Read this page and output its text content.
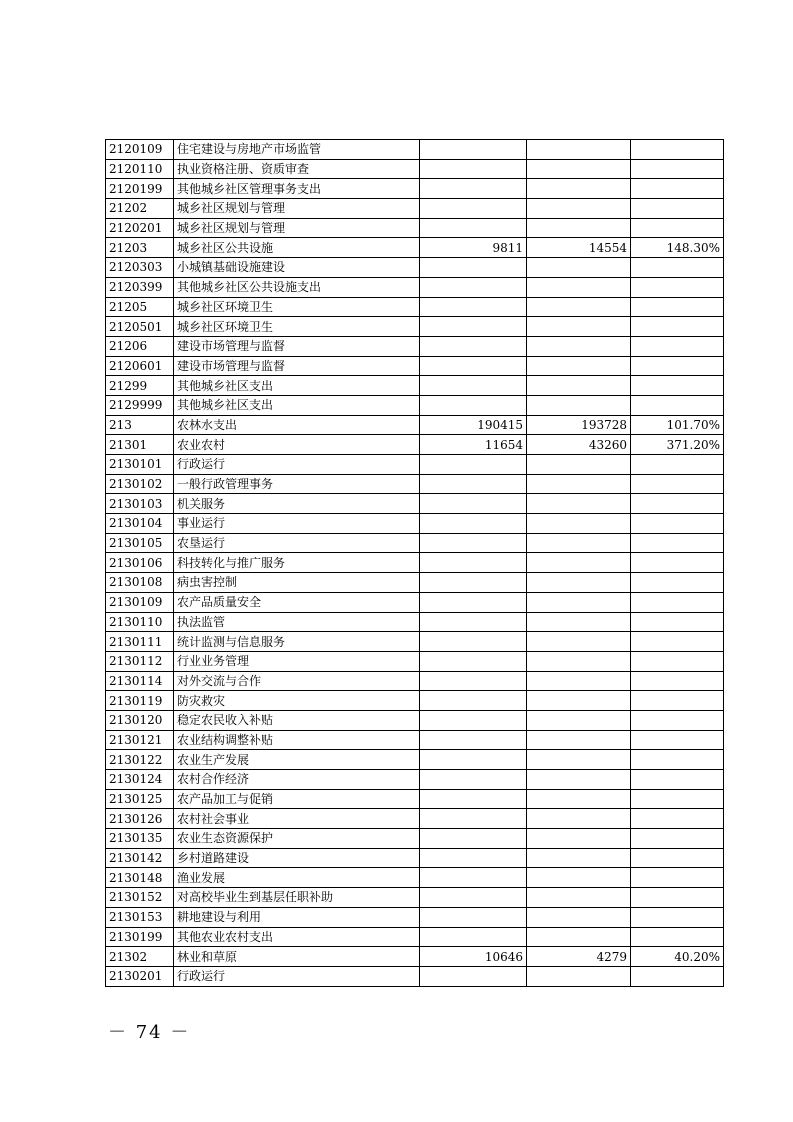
2120109	住宅建设与房地产市场监管			
2120110	执业资格注册、资质审查			
2120199	其他城乡社区管理事务支出			
21202	城乡社区规划与管理			
2120201	城乡社区规划与管理			
21203	城乡社区公共设施	9811	14554	148.30%
2120303	小城镇基础设施建设			
2120399	其他城乡社区公共设施支出			
21205	城乡社区环境卫生			
2120501	城乡社区环境卫生			
21206	建设市场管理与监督			
2120601	建设市场管理与监督			
21299	其他城乡社区支出			
2129999	其他城乡社区支出			
213	农林水支出	190415	193728	101.70%
21301	农业农村	11654	43260	371.20%
2130101	行政运行			
2130102	一般行政管理事务			
2130103	机关服务			
2130104	事业运行			
2130105	农垦运行			
2130106	科技转化与推广服务			
2130108	病虫害控制			
2130109	农产品质量安全			
2130110	执法监管			
2130111	统计监测与信息服务			
2130112	行业业务管理			
2130114	对外交流与合作			
2130119	防灾救灾			
2130120	稳定农民收入补贴			
2130121	农业结构调整补贴			
2130122	农业生产发展			
2130124	农村合作经济			
2130125	农产品加工与促销			
2130126	农村社会事业			
2130135	农业生态资源保护			
2130142	乡村道路建设			
2130148	渔业发展			
2130152	对高校毕业生到基层任职补助			
2130153	耕地建设与利用			
2130199	其他农业农村支出			
21302	林业和草原	10646	4279	40.20%
2130201	行政运行			
－ 74 －
